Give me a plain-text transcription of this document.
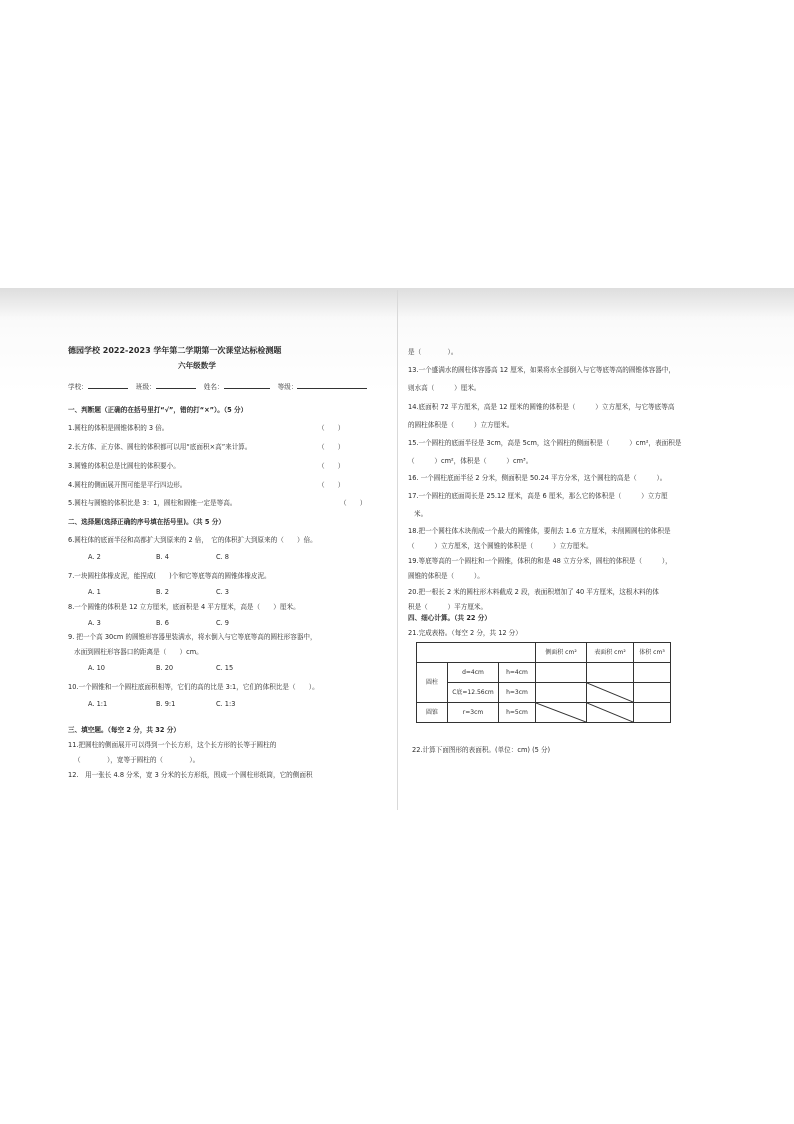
德园学校 2022-2023 学年第二学期第一次课堂达标检测题
六年级数学
学校：	班级：	姓名：	等级：
一、判断题（正确的在括号里打“√”，错的打“×”）。（5 分）
1.圆柱的体积是圆锥体积的 3 倍。	（　　）
2.长方体、正方体、圆柱的体积都可以用“底面积×高”来计算。	（　　）
3.圆锥的体积总是比圆柱的体积要小。	（　　）
4.圆柱的侧面展开图可能是平行四边形。	（　　）
5.圆柱与圆锥的体积比是 3：1，圆柱和圆锥一定是等高。	（　　）
二、选择题(选择正确的序号填在括号里)。（共 5 分）
6.圆柱体的底面半径和高都扩大到原来的 2 倍，　它的体积扩大到原来的（　　）倍。
A. 2	B. 4	C. 8
7.一块圆柱体橡皮泥，能捏成(　　)个和它等底等高的圆锥体橡皮泥。
A. 1	B. 2	C. 3
8.一个圆锥的体积是 12 立方厘米，底面积是 4 平方厘米，高是（　　）厘米。
A. 3	B. 6	C. 9
9. 把一个高 30cm 的圆锥形容器里装满水，将水倒入与它等底等高的圆柱形容器中，
水面到圆柱形容器口的距离是（　　）cm。
A. 10	B. 20	C. 15
10.一个圆锥和一个圆柱底面积相等，它们的高的比是 3:1，它们的体积比是（　　）。
A. 1:1	B. 9:1	C. 1:3
三、填空题。（每空 2 分，共 32 分）
11.把圆柱的侧面展开可以得到一个长方形，这个长方形的长等于圆柱的
（　　　　），宽等于圆柱的（　　　　）。
12.　用一张长 4.8 分米，宽 3 分米的长方形纸，围成一个圆柱形纸筒，它的侧面积
是（　　　　）。
13.一个盛满水的圆柱体容器高 12 厘米，如果将水全部倒入与它等底等高的圆锥体容器中，
则水高（　　　）厘米。
14.底面积 72 平方厘米，高是 12 厘米的圆锥的体积是（　　　）立方厘米，与它等底等高
的圆柱体积是（　　　）立方厘米。
15.一个圆柱的底面半径是 3cm，高是 5cm，这个圆柱的侧面积是（　　　）cm²，表面积是
（　　　）cm²，体积是（　　　）cm³。
16. 一个圆柱底面半径 2 分米，侧面积是 50.24 平方分米，这个圆柱的高是（　　　）。
17.一个圆柱的底面周长是 25.12 厘米，高是 6 厘米，那么它的体积是（　　　）立方厘
米。
18.把一个圆柱体木块削成一个最大的圆锥体，要削去 1.6 立方厘米，未削圆圆柱的体积是
（　　　）立方厘米，这个圆锥的体积是（　　　）立方厘米。
19.等底等高的一个圆柱和一个圆锥，体积的和是 48 立方分米，圆柱的体积是（　　　），
圆锥的体积是（　　　）。
20.把一根长 2 米的圆柱形木料截成 2 段，表面积增加了 40 平方厘米，这根木料的体
积是（　　　）平方厘米。
四、细心计算。（共 22 分）
21.完成表格。（每空 2 分，共 12 分）
			侧面积 cm²	表面积 cm²	体积 cm³
圆柱	d=4cm	h=4cm			
	C底=12.56cm	h=3cm		

圆锥	r=3cm	h=5cm	

22.计算下面图形的表面积。(单位：cm) (5 分)
